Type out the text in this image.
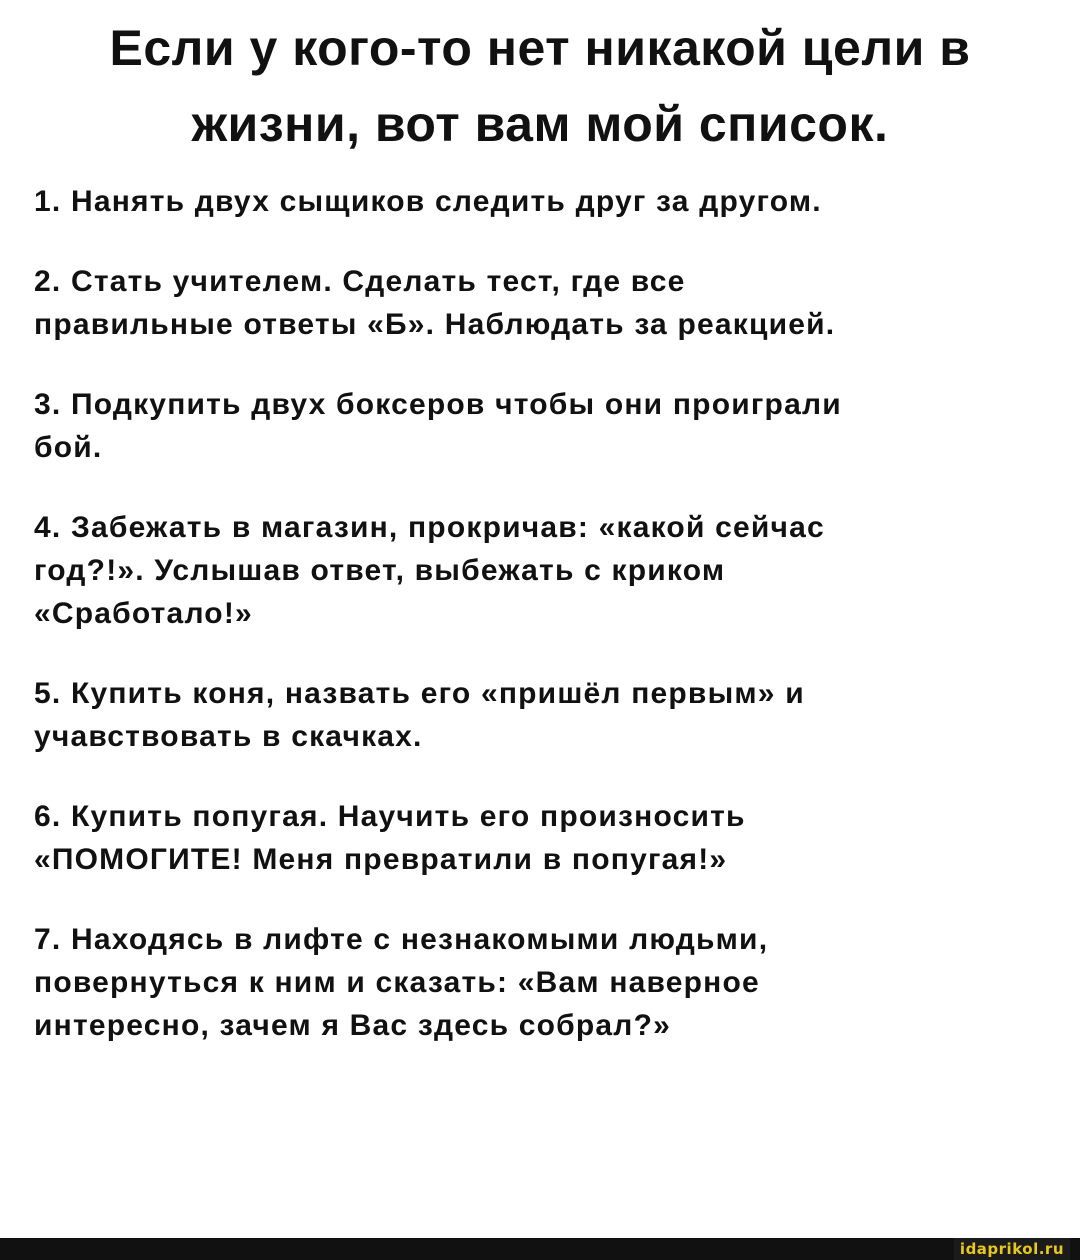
Если у кого-то нет никакой цели в
жизни, вот вам мой список.
1. Нанять двух сыщиков следить друг за другом.
2. Стать учителем. Сделать тест, где все
правильные ответы «Б». Наблюдать за реакцией.
3. Подкупить двух боксеров чтобы они проиграли
бой.
4. Забежать в магазин, прокричав: «какой сейчас
год?!». Услышав ответ, выбежать с криком
«Сработало!»
5. Купить коня, назвать его «пришёл первым» и
учавствовать в скачках.
6. Купить попугая. Научить его произносить
«ПОМОГИТЕ! Меня превратили в попугая!»
7. Находясь в лифте с незнакомыми людьми,
повернуться к ним и сказать: «Вам наверное
интересно, зачем я Вас здесь собрал?»
idaprikol.ru
